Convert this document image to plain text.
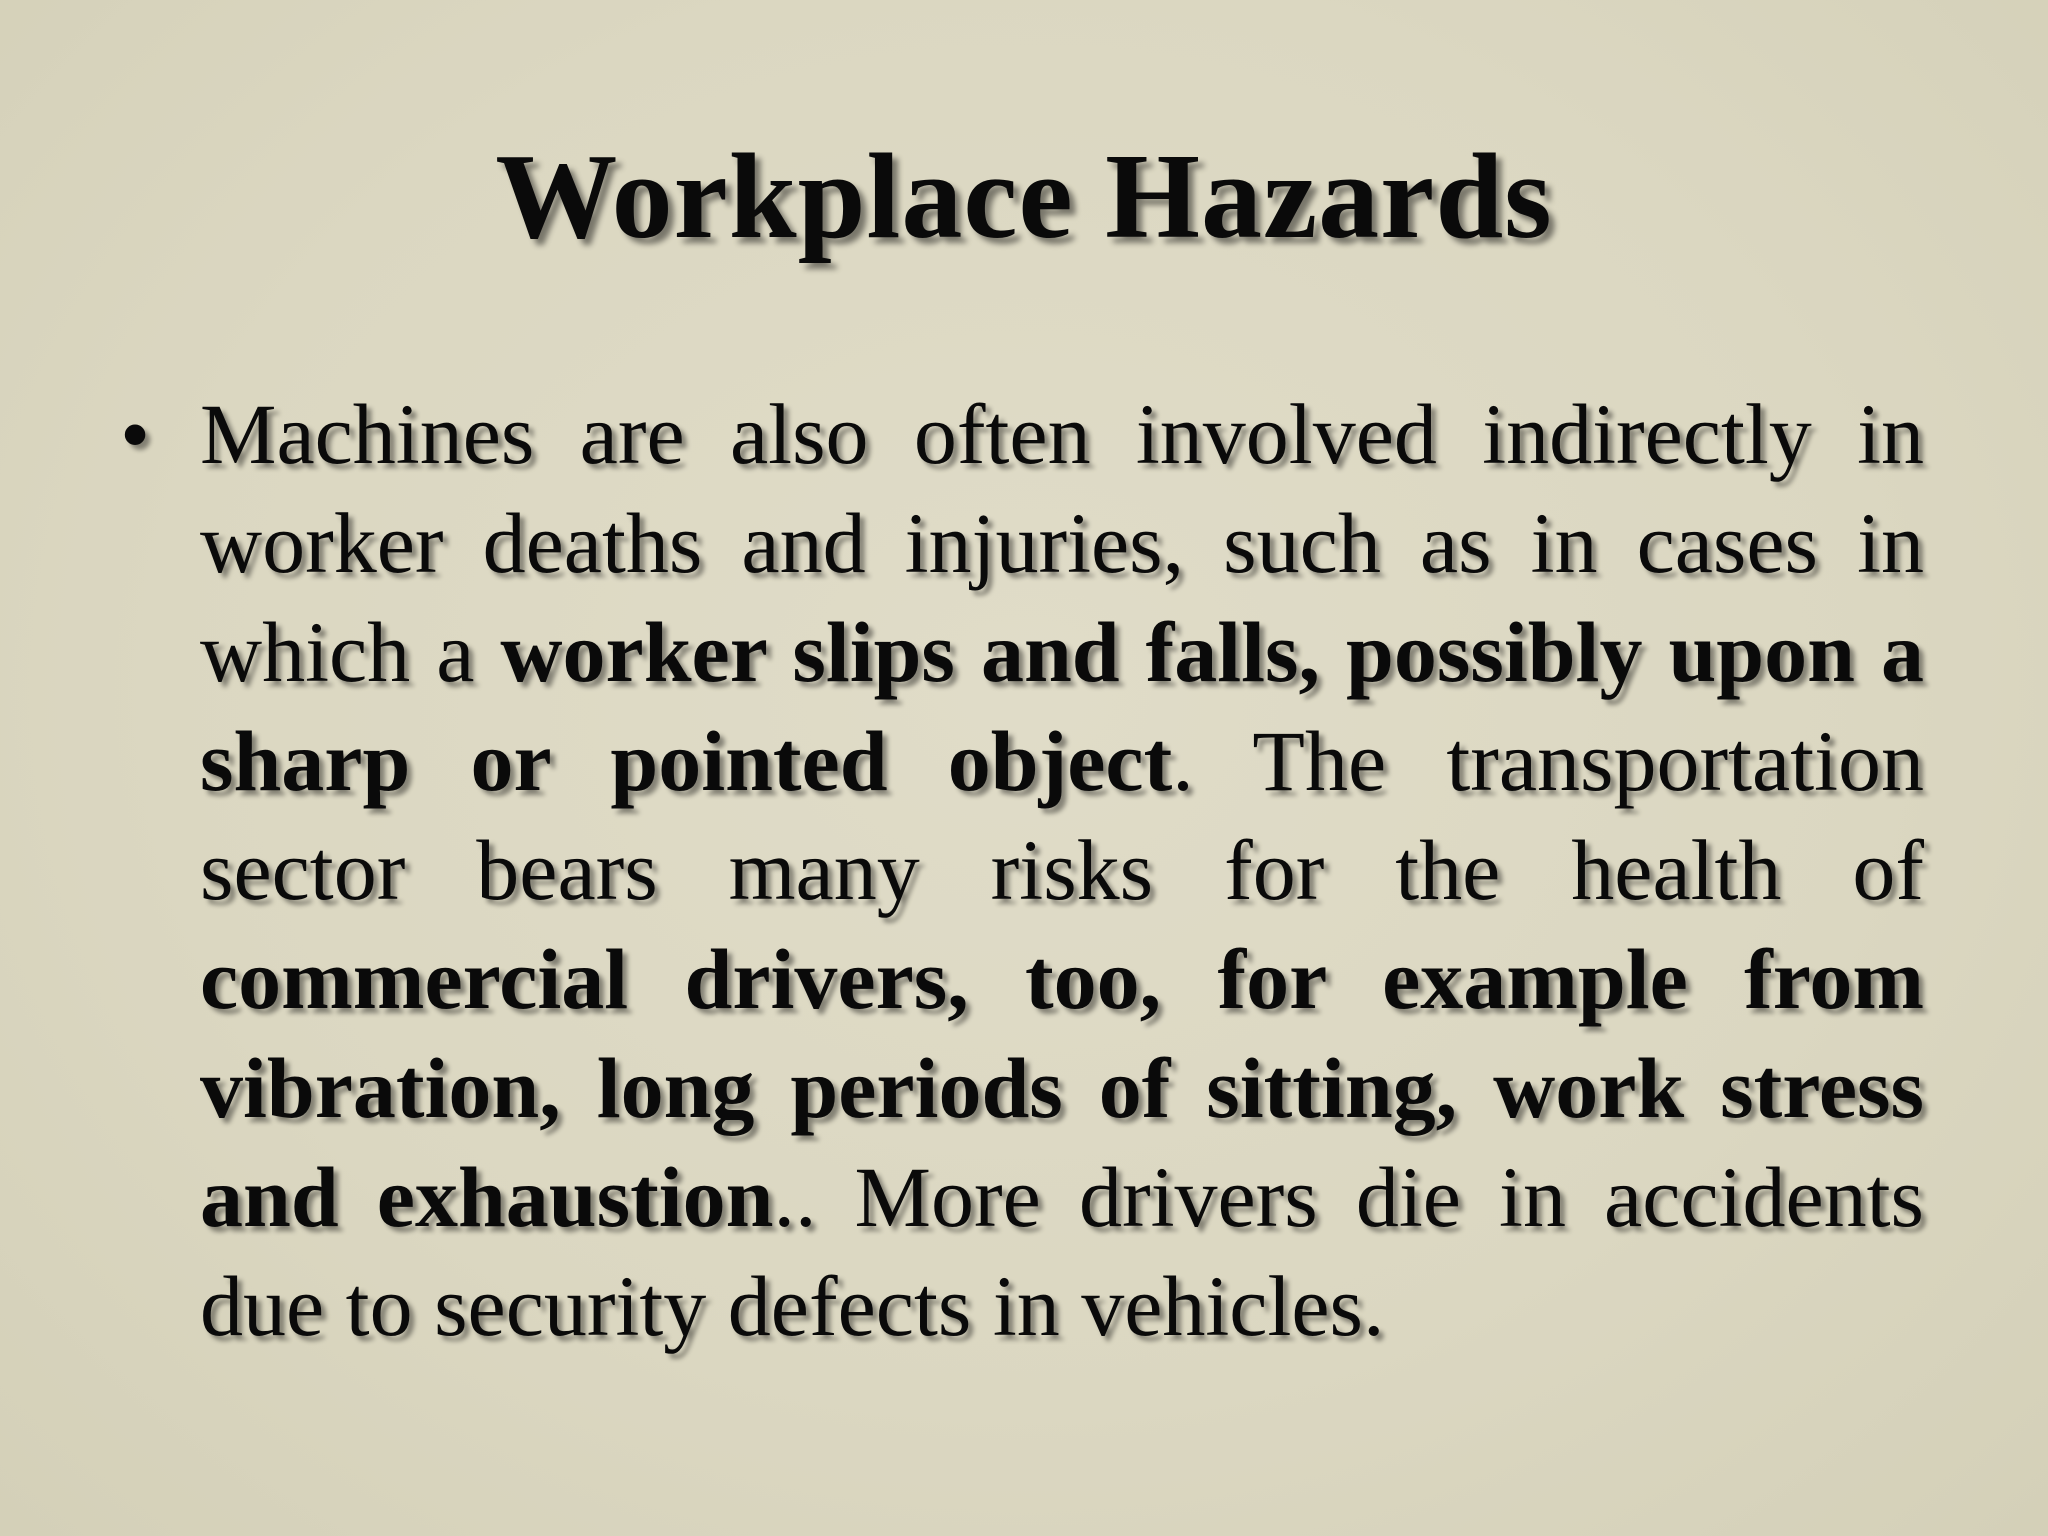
Workplace Hazards
• Machines are also often involved indirectly in worker deaths and injuries, such as in cases in which a worker slips and falls, possibly upon a sharp or pointed object. The transportation sector bears many risks for the health of commercial drivers, too, for example from vibration, long periods of sitting, work stress and exhaustion.. More drivers die in accidents due to security defects in vehicles.
